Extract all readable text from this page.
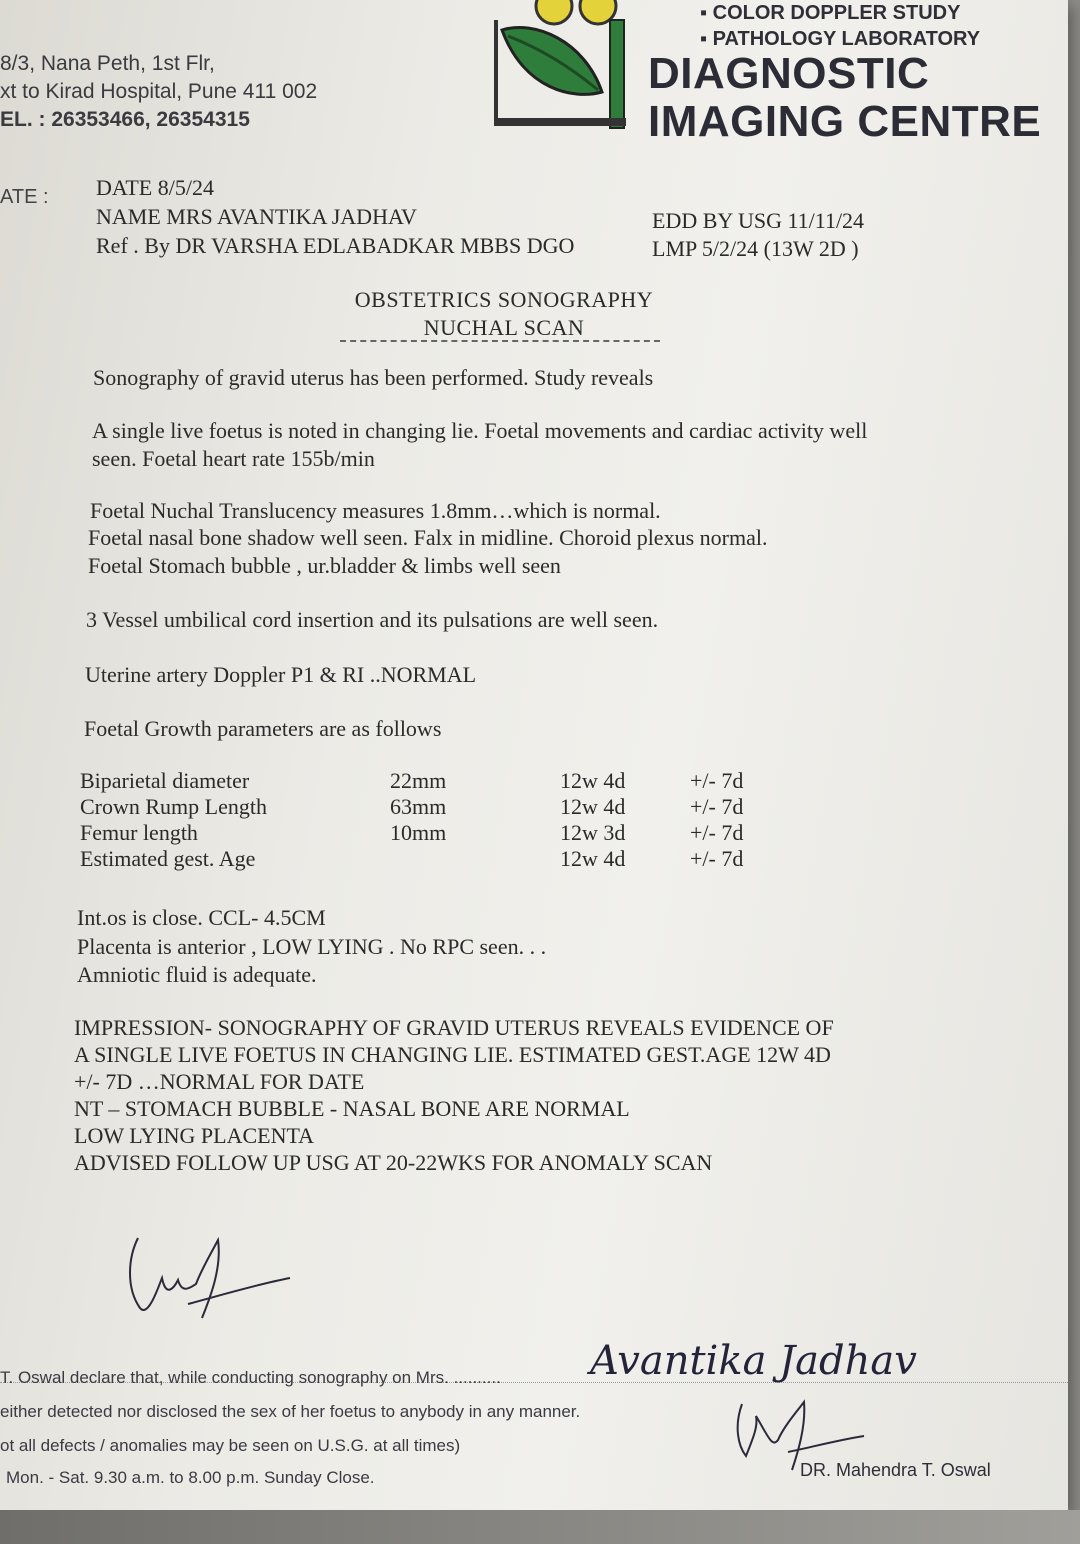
8/3, Nana Peth, 1st Flr,
xt to Kirad Hospital, Pune 411 002
EL. : 26353466, 26354315
▪ COLOR DOPPLER STUDY
▪ PATHOLOGY LABORATORY
DIAGNOSTIC
IMAGING CENTRE
ATE : DATE 8/5/24
NAME MRS AVANTIKA JADHAV
Ref . By DR VARSHA EDLABADKAR MBBS DGO
EDD BY USG 11/11/24
LMP 5/2/24 (13W 2D )
OBSTETRICS SONOGRAPHY
NUCHAL SCAN
Sonography of gravid uterus has been performed. Study reveals
A single live foetus is noted in changing lie. Foetal movements and cardiac activity well
seen. Foetal heart rate 155b/min
Foetal Nuchal Translucency measures 1.8mm…which is normal.
Foetal nasal bone shadow well seen. Falx in midline. Choroid plexus normal.
Foetal Stomach bubble , ur.bladder & limbs well seen
3 Vessel umbilical cord insertion and its pulsations are well seen.
Uterine artery Doppler P1 & RI ..NORMAL
Foetal Growth parameters are as follows
Biparietal diameter	22mm	12w 4d	+/- 7d
Crown Rump Length	63mm	12w 4d	+/- 7d
Femur length	10mm	12w 3d	+/- 7d
Estimated gest. Age		12w 4d	+/- 7d
Int.os is close. CCL- 4.5CM
Placenta is anterior , LOW LYING . No RPC seen. . .
Amniotic fluid is adequate.
IMPRESSION- SONOGRAPHY OF GRAVID UTERUS REVEALS EVIDENCE OF
A SINGLE LIVE FOETUS IN CHANGING LIE. ESTIMATED GEST.AGE 12W 4D
+/- 7D …NORMAL FOR DATE
NT – STOMACH BUBBLE - NASAL BONE ARE NORMAL
LOW LYING PLACENTA
ADVISED FOLLOW UP USG AT 20-22WKS FOR ANOMALY SCAN
T. Oswal declare that, while conducting sonography on Mrs. .......... Avantika Jadhav
either detected nor disclosed the sex of her foetus to anybody in any manner.
ot all defects / anomalies may be seen on U.S.G. at all times)
Mon. - Sat. 9.30 a.m. to 8.00 p.m. Sunday Close.	DR. Mahendra T. Oswal
